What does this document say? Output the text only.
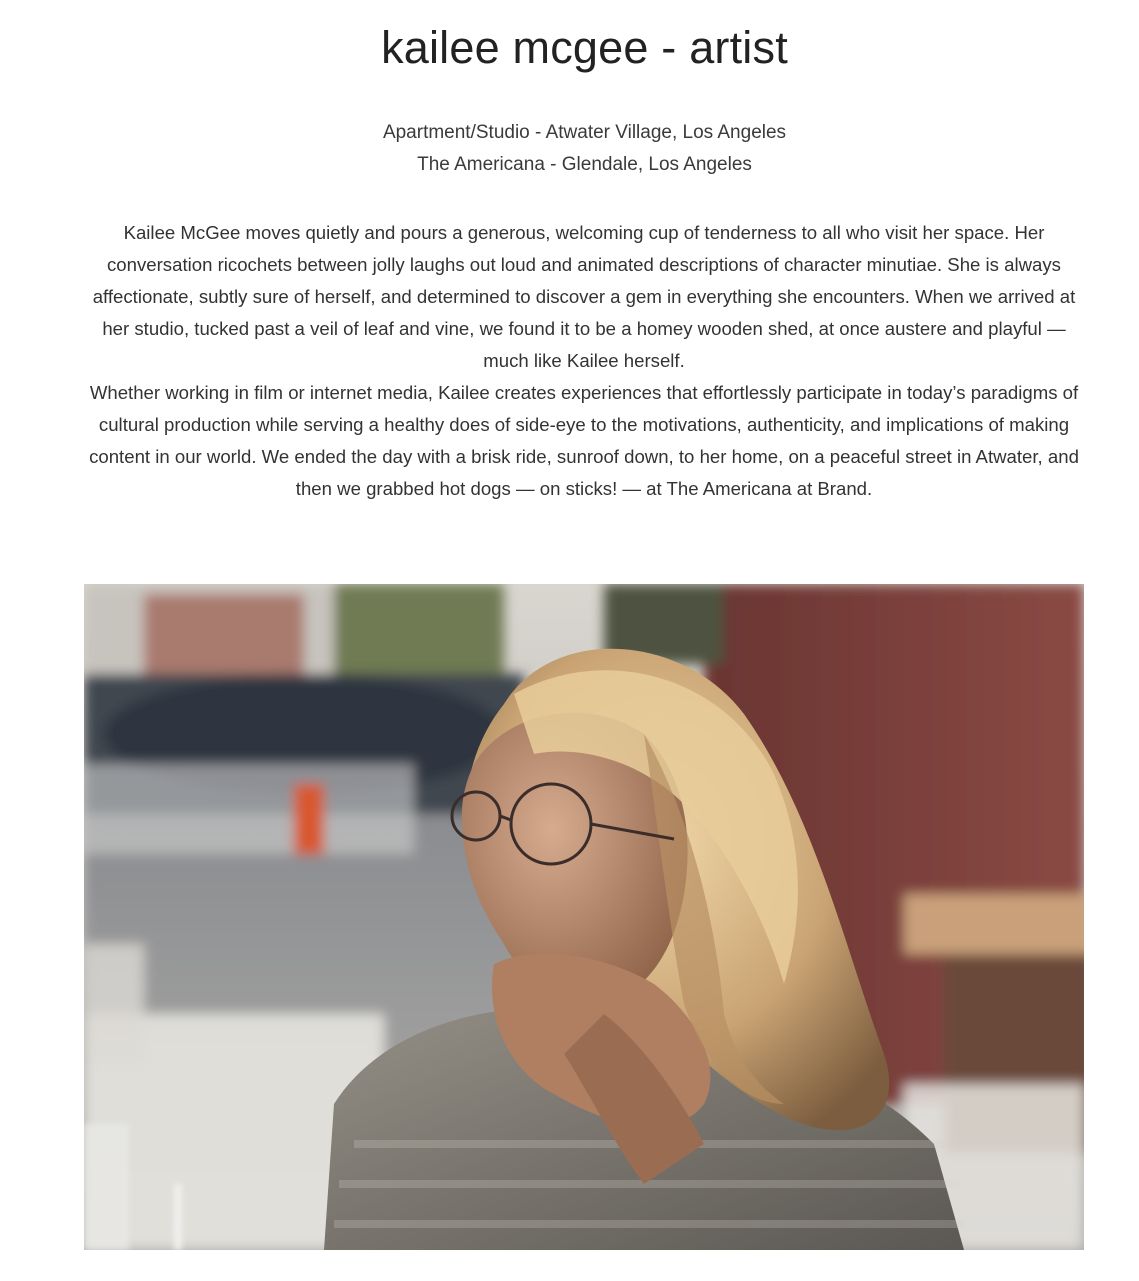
kailee mcgee - artist
Apartment/Studio - Atwater Village, Los Angeles
The Americana - Glendale, Los Angeles

Kailee McGee moves quietly and pours a generous, welcoming cup of tenderness to all who visit her space. Her conversation ricochets between jolly laughs out loud and animated descriptions of character minutiae. She is always affectionate, subtly sure of herself, and determined to discover a gem in everything she encounters. When we arrived at her studio, tucked past a veil of leaf and vine, we found it to be a homey wooden shed, at once austere and playful — much like Kailee herself.

Whether working in film or internet media, Kailee creates experiences that effortlessly participate in today’s paradigms of cultural production while serving a healthy does of side-eye to the motivations, authenticity, and implications of making content in our world. We ended the day with a brisk ride, sunroof down, to her home, on a peaceful street in Atwater, and then we grabbed hot dogs — on sticks! — at The Americana at Brand.
